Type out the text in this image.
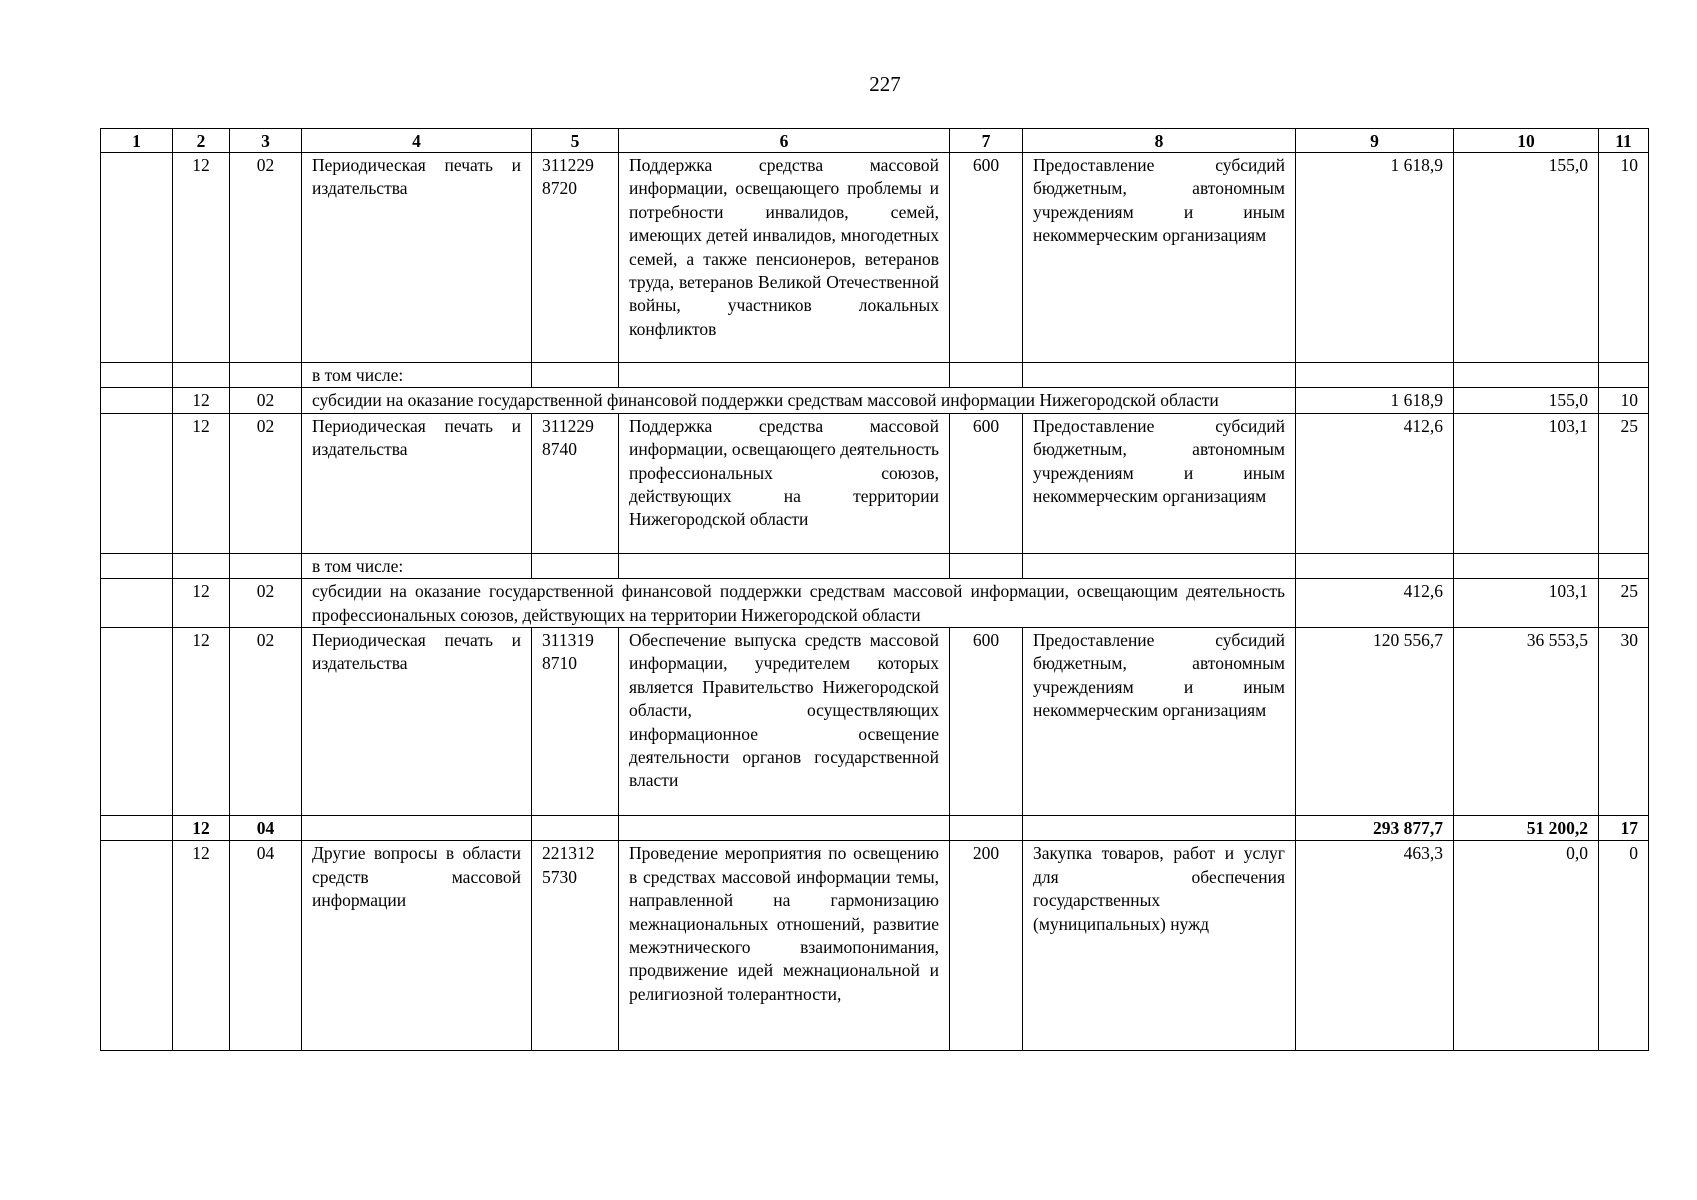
227
1	2	3	4	5	6	7	8	9	10	11
	12	02	Периодическая печать и издательства	311229 8720	Поддержка средства массовой информации, освещающего проблемы и потребности инвалидов, семей, имеющих детей инвалидов, многодетных семей, а также пенсионеров, ветеранов труда, ветеранов Великой Отечественной войны, участников локальных конфликтов	600	Предоставление субсидий бюджетным, автономным учреждениям и иным некоммерческим организациям	1 618,9	155,0	10
			в том числе:							
	12	02	субсидии на оказание государственной финансовой поддержки средствам массовой информации Нижегородской области					1 618,9	155,0	10
	12	02	Периодическая печать и издательства	311229 8740	Поддержка средства массовой информации, освещающего деятельность профессиональных союзов, действующих на территории Нижегородской области	600	Предоставление субсидий бюджетным, автономным учреждениям и иным некоммерческим организациям	412,6	103,1	25
			в том числе:							
	12	02	субсидии на оказание государственной финансовой поддержки средствам массовой информации, освещающим деятельность профессиональных союзов, действующих на территории Нижегородской области					412,6	103,1	25
	12	02	Периодическая печать и издательства	311319 8710	Обеспечение выпуска средств массовой информации, учредителем которых является Правительство Нижегородской области, осуществляющих информационное освещение деятельности органов государственной власти	600	Предоставление субсидий бюджетным, автономным учреждениям и иным некоммерческим организациям	120 556,7	36 553,5	30
	12	04						293 877,7	51 200,2	17
	12	04	Другие вопросы в области средств массовой информации	221312 5730	Проведение мероприятия по освещению в средствах массовой информации темы, направленной на гармонизацию межнациональных отношений, развитие межэтнического взаимопонимания, продвижение идей межнациональной и религиозной толерантности,	200	Закупка товаров, работ и услуг для обеспечения государственных (муниципальных) нужд	463,3	0,0	0
